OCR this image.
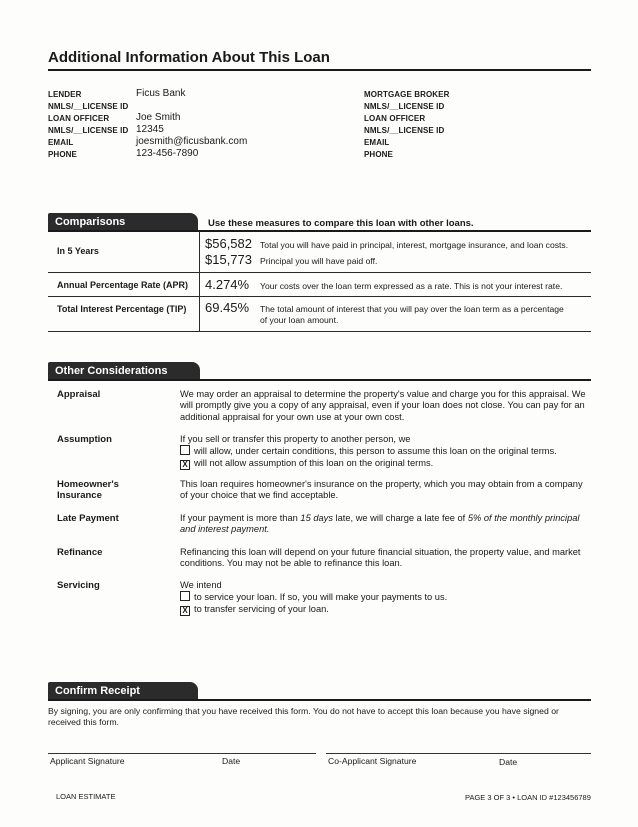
Additional Information About This Loan
LENDER	Ficus Bank
NMLS/__LICENSE ID
LOAN OFFICER	Joe Smith
NMLS/__LICENSE ID 12345
EMAIL	joesmith@ficusbank.com
PHONE	123-456-7890
MORTGAGE BROKER
NMLS/__LICENSE ID
LOAN OFFICER
NMLS/__LICENSE ID
EMAIL
PHONE
Comparisons	Use these measures to compare this loan with other loans.
In 5 Years	$56,582 Total you will have paid in principal, interest, mortgage insurance, and loan costs.
$15,773 Principal you will have paid off.
Annual Percentage Rate (APR) 4.274% Your costs over the loan term expressed as a rate. This is not your interest rate.
Total Interest Percentage (TIP) 69.45% The total amount of interest that you will pay over the loan term as a percentage of your loan amount.
Other Considerations
Appraisal	We may order an appraisal to determine the property's value and charge you for this appraisal. We will promptly give you a copy of any appraisal, even if your loan does not close. You can pay for an additional appraisal for your own use at your own cost.
Assumption	If you sell or transfer this property to another person, we
will allow, under certain conditions, this person to assume this loan on the original terms.
X will not allow assumption of this loan on the original terms.
Homeowner's
Insurance
This loan requires homeowner's insurance on the property, which you may obtain from a company of your choice that we find acceptable.
Late Payment	If your payment is more than 15 days late, we will charge a late fee of 5% of the monthly principal and interest payment.
Refinance	Refinancing this loan will depend on your future financial situation, the property value, and market conditions. You may not be able to refinance this loan.
Servicing	We intend
to service your loan. If so, you will make your payments to us.
X to transfer servicing of your loan.
Confirm Receipt
By signing, you are only confirming that you have received this form. You do not have to accept this loan because you have signed or received this form.
Applicant Signature	Date	Co-Applicant Signature	Date
LOAN ESTIMATE	PAGE 3 OF 3 • LOAN ID #123456789
